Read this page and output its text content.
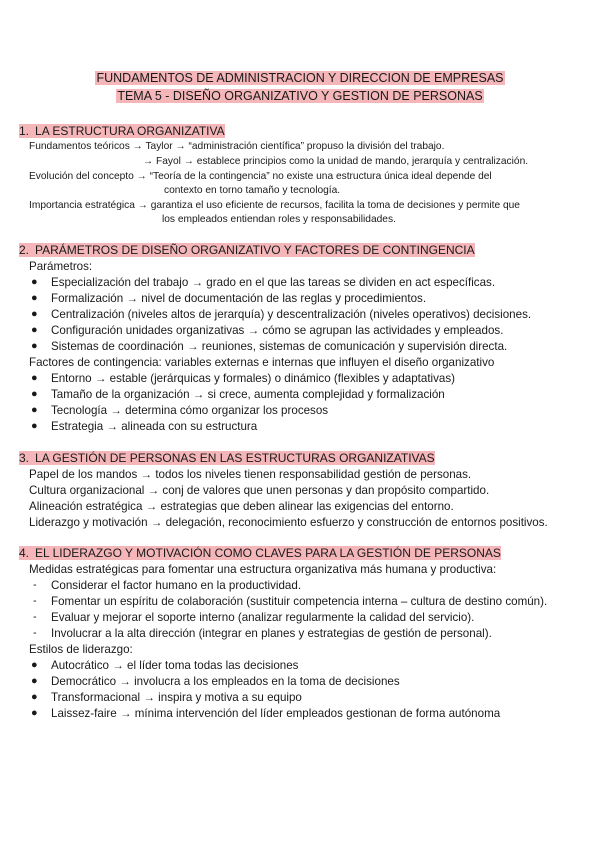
FUNDAMENTOS DE ADMINISTRACION Y DIRECCION DE EMPRESAS
TEMA 5 - DISEÑO ORGANIZATIVO Y GESTION DE PERSONAS
1. LA ESTRUCTURA ORGANIZATIVA
Fundamentos teóricos → Taylor → “administración científica” propuso la división del trabajo.
→ Fayol → establece principios como la unidad de mando, jerarquía y centralización.
Evolución del concepto → “Teoría de la contingencia” no existe una estructura única ideal depende del
contexto en torno tamaño y tecnología.
Importancia estratégica → garantiza el uso eficiente de recursos, facilita la toma de decisiones y permite que
los empleados entiendan roles y responsabilidades.
2. PARÁMETROS DE DISEÑO ORGANIZATIVO Y FACTORES DE CONTINGENCIA
Parámetros:
● Especialización del trabajo → grado en el que las tareas se dividen en act específicas.
● Formalización → nivel de documentación de las reglas y procedimientos.
● Centralización (niveles altos de jerarquía) y descentralización (niveles operativos) decisiones.
● Configuración unidades organizativas → cómo se agrupan las actividades y empleados.
● Sistemas de coordinación → reuniones, sistemas de comunicación y supervisión directa.
Factores de contingencia: variables externas e internas que influyen el diseño organizativo
● Entorno → estable (jerárquicas y formales) o dinámico (flexibles y adaptativas)
● Tamaño de la organización → si crece, aumenta complejidad y formalización
● Tecnología → determina cómo organizar los procesos
● Estrategia → alineada con su estructura
3. LA GESTIÓN DE PERSONAS EN LAS ESTRUCTURAS ORGANIZATIVAS
Papel de los mandos → todos los niveles tienen responsabilidad gestión de personas.
Cultura organizacional → conj de valores que unen personas y dan propósito compartido.
Alineación estratégica → estrategias que deben alinear las exigencias del entorno.
Liderazgo y motivación → delegación, reconocimiento esfuerzo y construcción de entornos positivos.
4. EL LIDERAZGO Y MOTIVACIÓN COMO CLAVES PARA LA GESTIÓN DE PERSONAS
Medidas estratégicas para fomentar una estructura organizativa más humana y productiva:
- Considerar el factor humano en la productividad.
- Fomentar un espíritu de colaboración (sustituir competencia interna – cultura de destino común).
- Evaluar y mejorar el soporte interno (analizar regularmente la calidad del servicio).
- Involucrar a la alta dirección (integrar en planes y estrategias de gestión de personal).
Estilos de liderazgo:
● Autocrático → el líder toma todas las decisiones
● Democrático → involucra a los empleados en la toma de decisiones
● Transformacional → inspira y motiva a su equipo
● Laissez-faire → mínima intervención del líder empleados gestionan de forma autónoma
